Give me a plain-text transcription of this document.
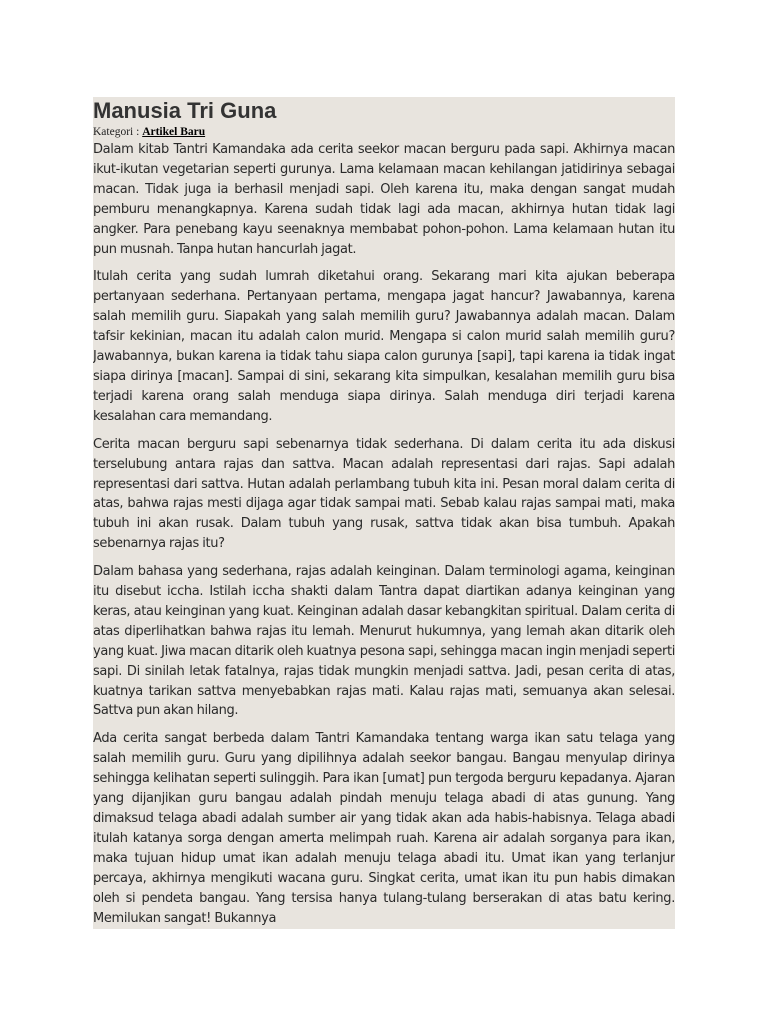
Manusia Tri Guna
Kategori : Artikel Baru

Dalam kitab Tantri Kamandaka ada cerita seekor macan berguru pada sapi. Akhirnya macan ikut-ikutan vegetarian seperti gurunya. Lama kelamaan macan kehilangan jatidirinya sebagai macan. Tidak juga ia berhasil menjadi sapi. Oleh karena itu, maka dengan sangat mudah pemburu menangkapnya. Karena sudah tidak lagi ada macan, akhirnya hutan tidak lagi angker. Para penebang kayu seenaknya membabat pohon-pohon. Lama kelamaan hutan itu pun musnah. Tanpa hutan hancurlah jagat.

Itulah cerita yang sudah lumrah diketahui orang. Sekarang mari kita ajukan beberapa pertanyaan sederhana. Pertanyaan pertama, mengapa jagat hancur? Jawabannya, karena salah memilih guru. Siapakah yang salah memilih guru? Jawabannya adalah macan. Dalam tafsir kekinian, macan itu adalah calon murid. Mengapa si calon murid salah memilih guru? Jawabannya, bukan karena ia tidak tahu siapa calon gurunya [sapi], tapi karena ia tidak ingat siapa dirinya [macan]. Sampai di sini, sekarang kita simpulkan, kesalahan memilih guru bisa terjadi karena orang salah menduga siapa dirinya. Salah menduga diri terjadi karena kesalahan cara memandang.

Cerita macan berguru sapi sebenarnya tidak sederhana. Di dalam cerita itu ada diskusi terselubung antara rajas dan sattva. Macan adalah representasi dari rajas. Sapi adalah representasi dari sattva. Hutan adalah perlambang tubuh kita ini. Pesan moral dalam cerita di atas, bahwa rajas mesti dijaga agar tidak sampai mati. Sebab kalau rajas sampai mati, maka tubuh ini akan rusak. Dalam tubuh yang rusak, sattva tidak akan bisa tumbuh. Apakah sebenarnya rajas itu?

Dalam bahasa yang sederhana, rajas adalah keinginan. Dalam terminologi agama, keinginan itu disebut iccha. Istilah iccha shakti dalam Tantra dapat diartikan adanya keinginan yang keras, atau keinginan yang kuat. Keinginan adalah dasar kebangkitan spiritual. Dalam cerita di atas diperlihatkan bahwa rajas itu lemah. Menurut hukumnya, yang lemah akan ditarik oleh yang kuat. Jiwa macan ditarik oleh kuatnya pesona sapi, sehingga macan ingin menjadi seperti sapi. Di sinilah letak fatalnya, rajas tidak mungkin menjadi sattva. Jadi, pesan cerita di atas, kuatnya tarikan sattva menyebabkan rajas mati. Kalau rajas mati, semuanya akan selesai. Sattva pun akan hilang.

Ada cerita sangat berbeda dalam Tantri Kamandaka tentang warga ikan satu telaga yang salah memilih guru. Guru yang dipilihnya adalah seekor bangau. Bangau menyulap dirinya sehingga kelihatan seperti sulinggih. Para ikan [umat] pun tergoda berguru kepadanya. Ajaran yang dijanjikan guru bangau adalah pindah menuju telaga abadi di atas gunung. Yang dimaksud telaga abadi adalah sumber air yang tidak akan ada habis-habisnya. Telaga abadi itulah katanya sorga dengan amerta melimpah ruah. Karena air adalah sorganya para ikan, maka tujuan hidup umat ikan adalah menuju telaga abadi itu. Umat ikan yang terlanjur percaya, akhirnya mengikuti wacana guru. Singkat cerita, umat ikan itu pun habis dimakan oleh si pendeta bangau. Yang tersisa hanya tulang-tulang berserakan di atas batu kering. Memilukan sangat! Bukannya
